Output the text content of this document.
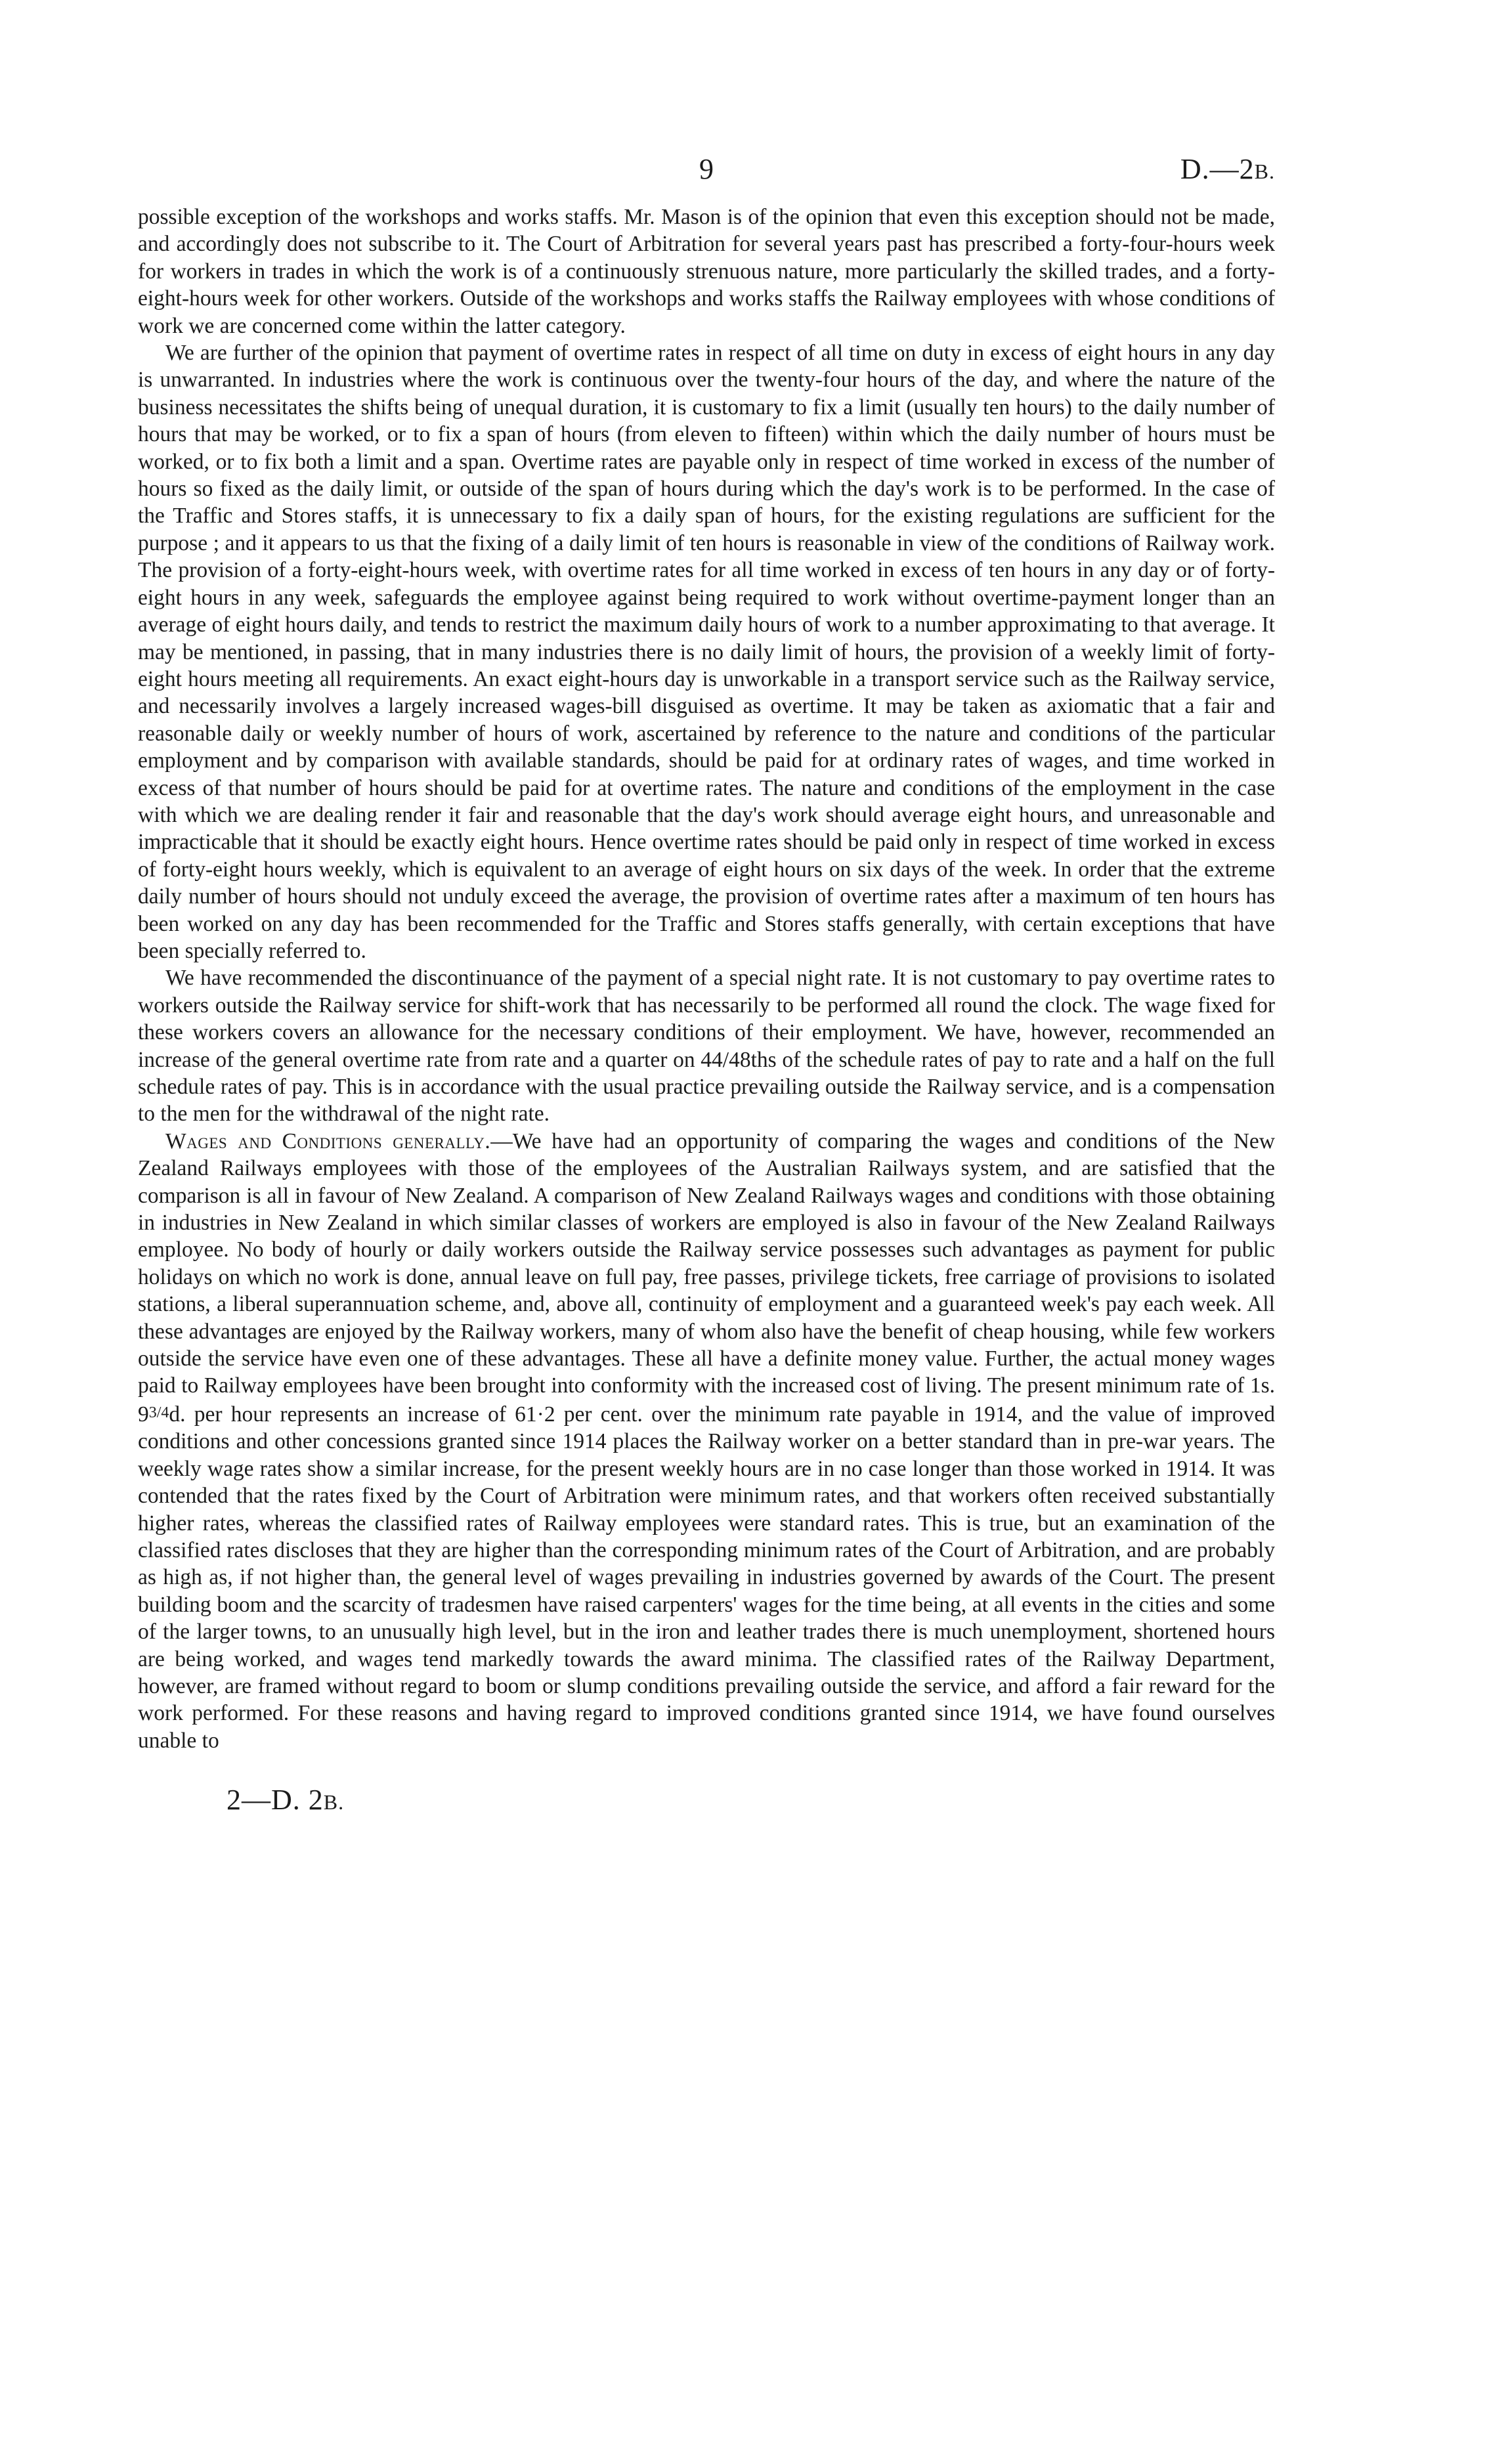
9	D.—2B.

possible exception of the workshops and works staffs. Mr. Mason is of the opinion that even this exception should not be made, and accordingly does not subscribe to it. The Court of Arbitration for several years past has prescribed a forty-four-hours week for workers in trades in which the work is of a continuously strenuous nature, more particularly the skilled trades, and a forty-eight-hours week for other workers. Outside of the workshops and works staffs the Railway employees with whose conditions of work we are concerned come within the latter category.

We are further of the opinion that payment of overtime rates in respect of all time on duty in excess of eight hours in any day is unwarranted. In industries where the work is continuous over the twenty-four hours of the day, and where the nature of the business necessitates the shifts being of unequal duration, it is customary to fix a limit (usually ten hours) to the daily number of hours that may be worked, or to fix a span of hours (from eleven to fifteen) within which the daily number of hours must be worked, or to fix both a limit and a span. Overtime rates are payable only in respect of time worked in excess of the number of hours so fixed as the daily limit, or outside of the span of hours during which the day's work is to be performed. In the case of the Traffic and Stores staffs, it is unnecessary to fix a daily span of hours, for the existing regulations are sufficient for the purpose ; and it appears to us that the fixing of a daily limit of ten hours is reasonable in view of the conditions of Railway work. The provision of a forty-eight-hours week, with overtime rates for all time worked in excess of ten hours in any day or of forty-eight hours in any week, safeguards the employee against being required to work without overtime-payment longer than an average of eight hours daily, and tends to restrict the maximum daily hours of work to a number approximating to that average. It may be mentioned, in passing, that in many industries there is no daily limit of hours, the provision of a weekly limit of forty-eight hours meeting all requirements. An exact eight-hours day is unworkable in a transport service such as the Railway service, and necessarily involves a largely increased wages-bill disguised as overtime. It may be taken as axiomatic that a fair and reasonable daily or weekly number of hours of work, ascertained by reference to the nature and conditions of the particular employment and by comparison with available standards, should be paid for at ordinary rates of wages, and time worked in excess of that number of hours should be paid for at overtime rates. The nature and conditions of the employment in the case with which we are dealing render it fair and reasonable that the day's work should average eight hours, and unreasonable and impracticable that it should be exactly eight hours. Hence overtime rates should be paid only in respect of time worked in excess of forty-eight hours weekly, which is equivalent to an average of eight hours on six days of the week. In order that the extreme daily number of hours should not unduly exceed the average, the provision of overtime rates after a maximum of ten hours has been worked on any day has been recommended for the Traffic and Stores staffs generally, with certain exceptions that have been specially referred to.

We have recommended the discontinuance of the payment of a special night rate. It is not customary to pay overtime rates to workers outside the Railway service for shift-work that has necessarily to be performed all round the clock. The wage fixed for these workers covers an allowance for the necessary conditions of their employment. We have, however, recommended an increase of the general overtime rate from rate and a quarter on 44/48ths of the schedule rates of pay to rate and a half on the full schedule rates of pay. This is in accordance with the usual practice prevailing outside the Railway service, and is a compensation to the men for the withdrawal of the night rate.

Wages and Conditions generally.—We have had an opportunity of comparing the wages and conditions of the New Zealand Railways employees with those of the employees of the Australian Railways system, and are satisfied that the comparison is all in favour of New Zealand. A comparison of New Zealand Railways wages and conditions with those obtaining in industries in New Zealand in which similar classes of workers are employed is also in favour of the New Zealand Railways employee. No body of hourly or daily workers outside the Railway service possesses such advantages as payment for public holidays on which no work is done, annual leave on full pay, free passes, privilege tickets, free carriage of provisions to isolated stations, a liberal superannuation scheme, and, above all, continuity of employment and a guaranteed week's pay each week. All these advantages are enjoyed by the Railway workers, many of whom also have the benefit of cheap housing, while few workers outside the service have even one of these advantages. These all have a definite money value. Further, the actual money wages paid to Railway employees have been brought into conformity with the increased cost of living. The present minimum rate of 1s. 93/4d. per hour represents an increase of 61·2 per cent. over the minimum rate payable in 1914, and the value of improved conditions and other concessions granted since 1914 places the Railway worker on a better standard than in pre-war years. The weekly wage rates show a similar increase, for the present weekly hours are in no case longer than those worked in 1914. It was contended that the rates fixed by the Court of Arbitration were minimum rates, and that workers often received substantially higher rates, whereas the classified rates of Railway employees were standard rates. This is true, but an examination of the classified rates discloses that they are higher than the corresponding minimum rates of the Court of Arbitration, and are probably as high as, if not higher than, the general level of wages prevailing in industries governed by awards of the Court. The present building boom and the scarcity of tradesmen have raised carpenters' wages for the time being, at all events in the cities and some of the larger towns, to an unusually high level, but in the iron and leather trades there is much unemployment, shortened hours are being worked, and wages tend markedly towards the award minima. The classified rates of the Railway Department, however, are framed without regard to boom or slump conditions prevailing outside the service, and afford a fair reward for the work performed. For these reasons and having regard to improved conditions granted since 1914, we have found ourselves unable to

2—D. 2B.
